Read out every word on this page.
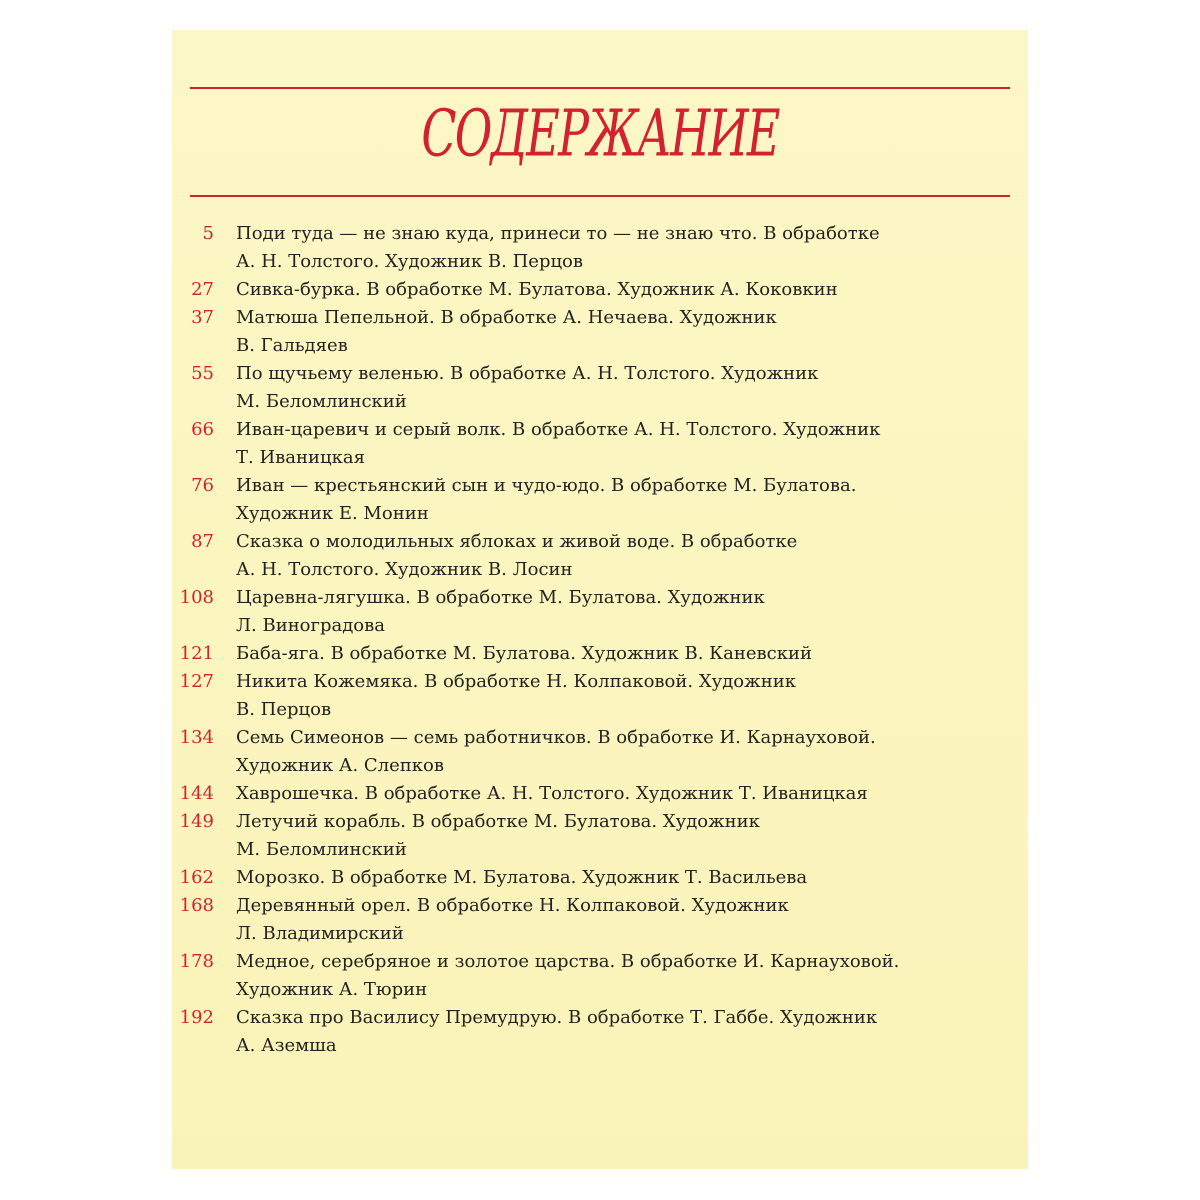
СОДЕРЖАНИЕ
5 Поди туда — не знаю куда, принеси то — не знаю что. В обработке
А. Н. Толстого. Художник В. Перцов
27 Сивка-бурка. В обработке М. Булатова. Художник А. Коковкин
37 Матюша Пепельной. В обработке А. Нечаева. Художник
В. Гальдяев
55 По щучьему веленью. В обработке А. Н. Толстого. Художник
М. Беломлинский
66 Иван-царевич и серый волк. В обработке А. Н. Толстого. Художник
Т. Иваницкая
76 Иван — крестьянский сын и чудо-юдо. В обработке М. Булатова.
Художник Е. Монин
87 Сказка о молодильных яблоках и живой воде. В обработке
А. Н. Толстого. Художник В. Лосин
108 Царевна-лягушка. В обработке М. Булатова. Художник
Л. Виноградова
121 Баба-яга. В обработке М. Булатова. Художник В. Каневский
127 Никита Кожемяка. В обработке Н. Колпаковой. Художник
В. Перцов
134 Семь Симеонов — семь работничков. В обработке И. Карнауховой.
Художник А. Слепков
144 Хаврошечка. В обработке А. Н. Толстого. Художник Т. Иваницкая
149 Летучий корабль. В обработке М. Булатова. Художник
М. Беломлинский
162 Морозко. В обработке М. Булатова. Художник Т. Васильева
168 Деревянный орел. В обработке Н. Колпаковой. Художник
Л. Владимирский
178 Медное, серебряное и золотое царства. В обработке И. Карнауховой.
Художник А. Тюрин
192 Сказка про Василису Премудрую. В обработке Т. Габбе. Художник
А. Аземша
